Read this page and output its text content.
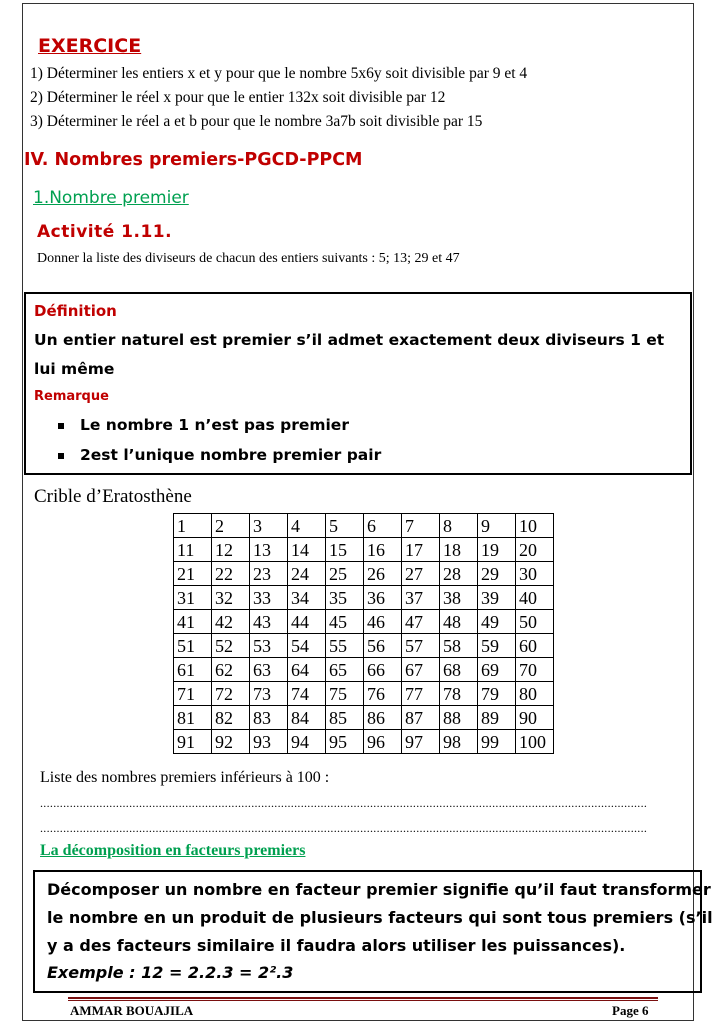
EXERCICE
1) Déterminer les entiers x et y pour que le nombre 5x6y soit divisible par 9 et 4
2) Déterminer le réel x pour que le entier 132x soit divisible par 12
3) Déterminer le réel a et b pour que le nombre 3a7b soit divisible par 15
IV. Nombres premiers-PGCD-PPCM
1.Nombre premier
Activité 1.11.
Donner la liste des diviseurs de chacun des entiers suivants : 5; 13; 29 et 47
Définition
Un entier naturel est premier s’il admet exactement deux diviseurs 1 et
lui même
Remarque
Le nombre 1 n’est pas premier
2est l’unique nombre premier pair
Crible d’Eratosthène
1	2	3	4	5	6	7	8	9	10
11	12	13	14	15	16	17	18	19	20
21	22	23	24	25	26	27	28	29	30
31	32	33	34	35	36	37	38	39	40
41	42	43	44	45	46	47	48	49	50
51	52	53	54	55	56	57	58	59	60
61	62	63	64	65	66	67	68	69	70
71	72	73	74	75	76	77	78	79	80
81	82	83	84	85	86	87	88	89	90
91	92	93	94	95	96	97	98	99	100
Liste des nombres premiers inférieurs à 100 :
........................................................................................................................................................................................
........................................................................................................................................................................................
La décomposition en facteurs premiers
Décomposer un nombre en facteur premier signifie qu’il faut transformer
le nombre en un produit de plusieurs facteurs qui sont tous premiers (s’il
y a des facteurs similaire il faudra alors utiliser les puissances).
Exemple : 12 = 2.2.3 = 2².3
AMMAR BOUAJILA	Page 6
